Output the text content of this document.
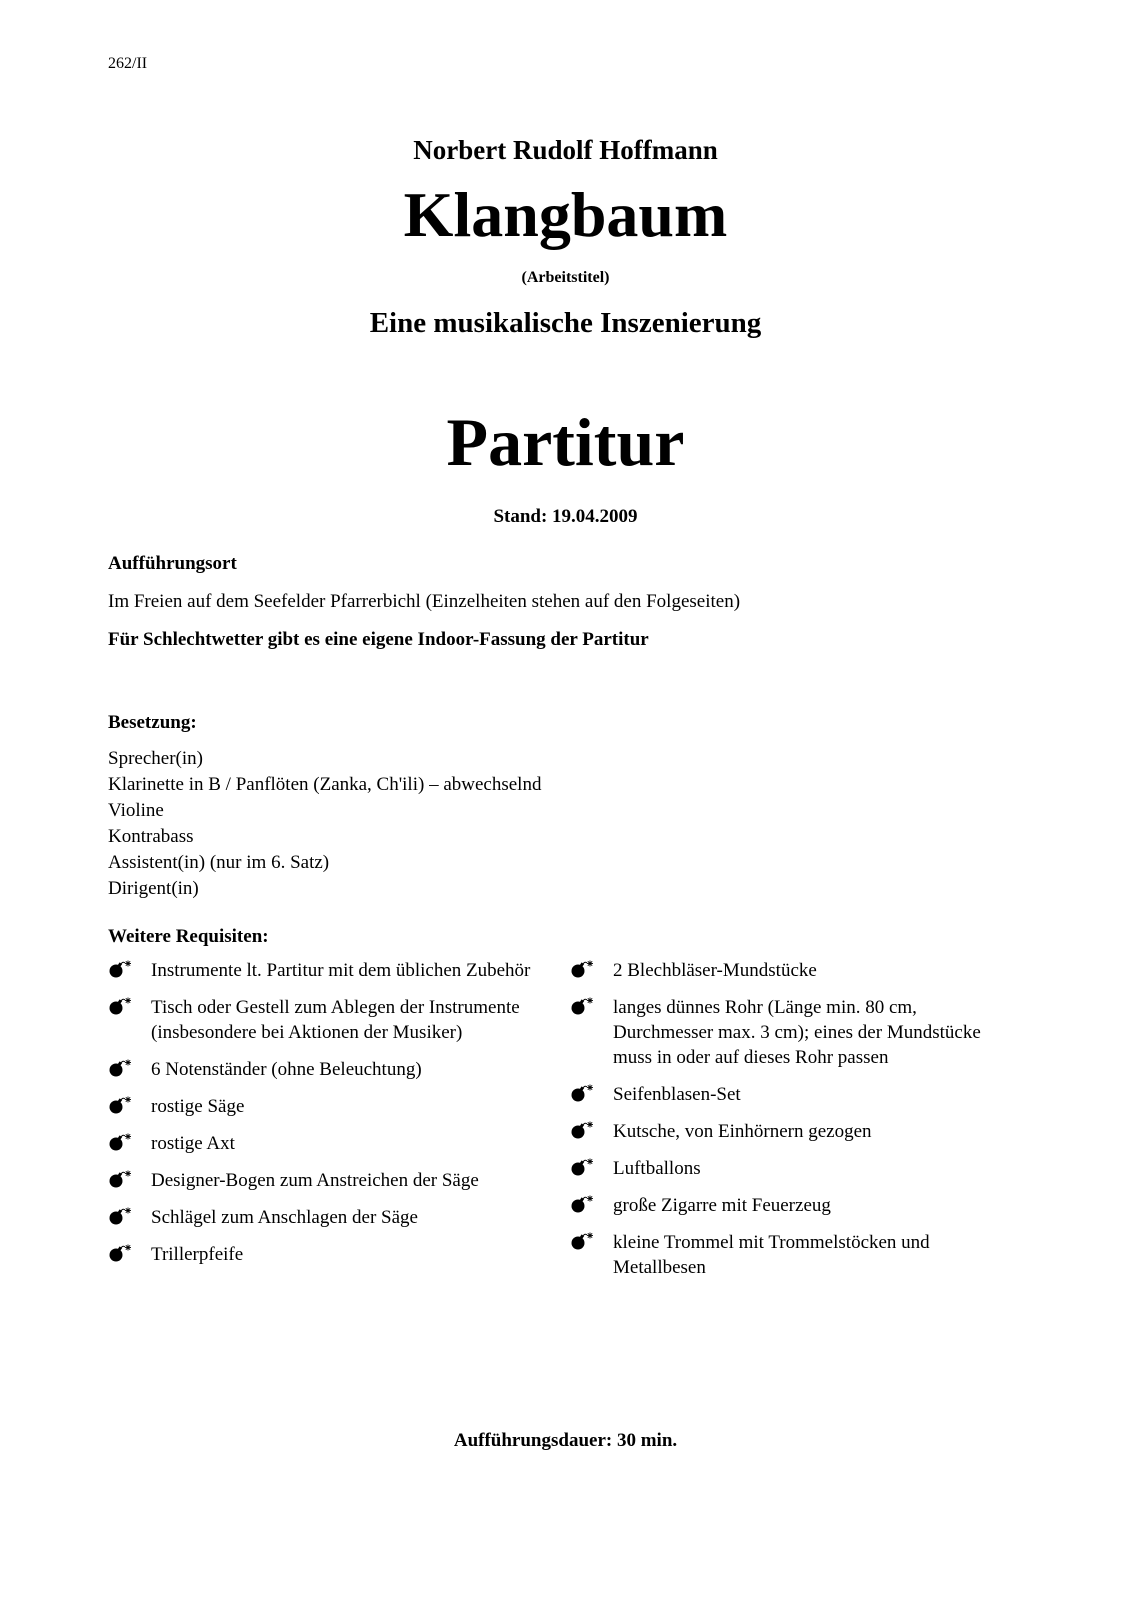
262/II
Norbert Rudolf Hoffmann
Klangbaum
(Arbeitstitel)
Eine musikalische Inszenierung
Partitur
Stand: 19.04.2009
Aufführungsort
Im Freien auf dem Seefelder Pfarrerbichl (Einzelheiten stehen auf den Folgeseiten)
Für Schlechtwetter gibt es eine eigene Indoor-Fassung der Partitur
Besetzung:
Sprecher(in)
Klarinette in B / Panflöten (Zanka, Ch'ili) – abwechselnd
Violine
Kontrabass
Assistent(in) (nur im 6. Satz)
Dirigent(in)
Weitere Requisiten:
Instrumente lt. Partitur mit dem üblichen Zubehör
Tisch oder Gestell zum Ablegen der Instrumente (insbesondere bei Aktionen der Musiker)
6 Notenständer (ohne Beleuchtung)
rostige Säge
rostige Axt
Designer-Bogen zum Anstreichen der Säge
Schlägel zum Anschlagen der Säge
Trillerpfeife
2 Blechbläser-Mundstücke
langes dünnes Rohr (Länge min. 80 cm, Durchmesser max. 3 cm); eines der Mundstücke muss in oder auf dieses Rohr passen
Seifenblasen-Set
Kutsche, von Einhörnern gezogen
Luftballons
große Zigarre mit Feuerzeug
kleine Trommel mit Trommelstöcken und Metallbesen
Aufführungsdauer: 30 min.
